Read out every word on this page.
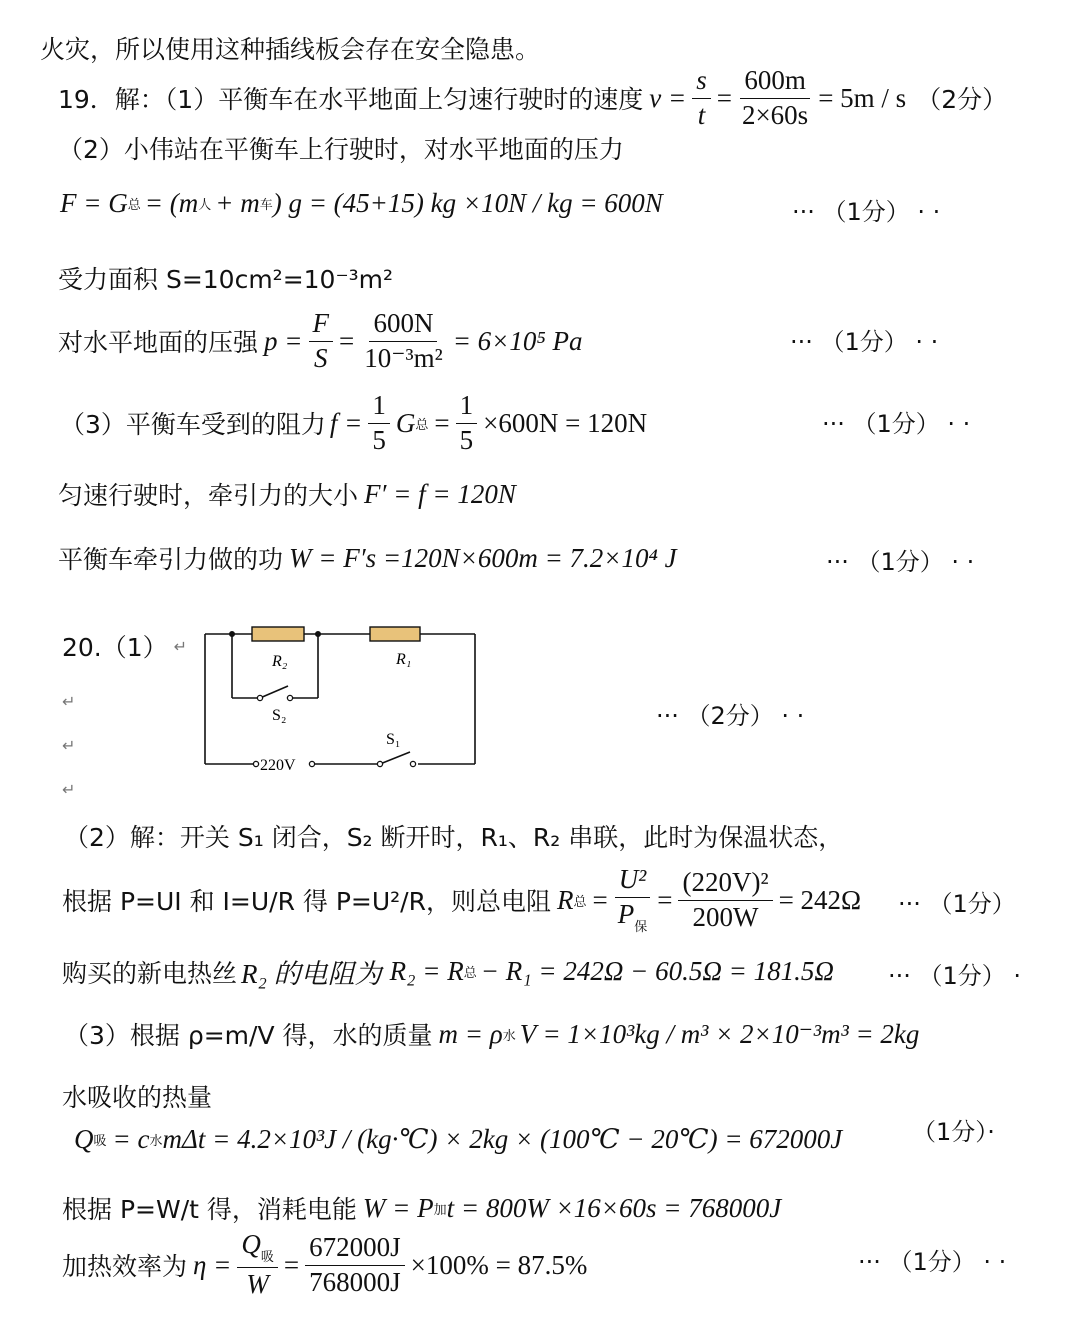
火灾，所以使用这种插线板会存在安全隐患。
19．解：（1）平衡车在水平地面上匀速行驶时的速度 $v = \frac{s}{t} = \frac{600m}{2\times 60s} = 5m / s$ （2分）
（2）小伟站在平衡车上行驶时，对水平地面的压力
F = G 总 = (m 人 + m 车 ) g = (45+15) kg ×10N / kg = 600N	··· （1分） · ·
受力面积 S=10cm²=10⁻³m²
对水平地面的压强 $p = \frac{F}{S} = \frac{600N}{\text{10⁻³m²}} = 6\times 10^5$ Pa	··· （1分） · ·
（3）平衡车受到的阻力 $f = \frac{1}{5}$ G 总 = $\frac{1}{5} \times 600N = 120N$	··· （1分） · ·
匀速行驶时，牵引力的大小 F′ = f = 120N
平衡车牵引力做的功 W = F′s =120N×600m = 7.2×10⁴ J	··· （1分） · ·
20.（1） ↵
↵
↵
↵
R₂	R₁
S₂
S₁
220V
··· （2分） · ·
（2）解：开关 S₁ 闭合，S₂ 断开时，R₁、R₂ 串联，此时为保温状态，
根据 P=UI 和 I=U/R 得 P=U²/R，则总电阻 R 总 = $\frac{\text{U²}}{P_保} = \frac{\text{(220V)²}}{200W} = 242\Omega$ ··· （1分）
购买的新电热丝 R₂ 的电阻为 R₂ = R 总 − R₁ = 242Ω − 60.5Ω = 181.5Ω ··· （1分） ·
（3）根据 ρ=m/V 得，水的质量 m = ρ 水 V = 1×10³kg / m³ × 2×10⁻³m³ = 2kg
水吸收的热量
Q 吸 = c 水 mΔt = 4.2×10³J / (kg·℃) × 2kg × (100℃ − 20℃) = 672000J	（1分）·
根据 P=W/t 得，消耗电能 W = P 加 t = 800W ×16×60s = 768000J
加热效率为 $\eta = \frac{Q_吸}{W} = \frac{672000J}{768000J} \times 100\% = 87.5\%$	··· （1分） · ·
